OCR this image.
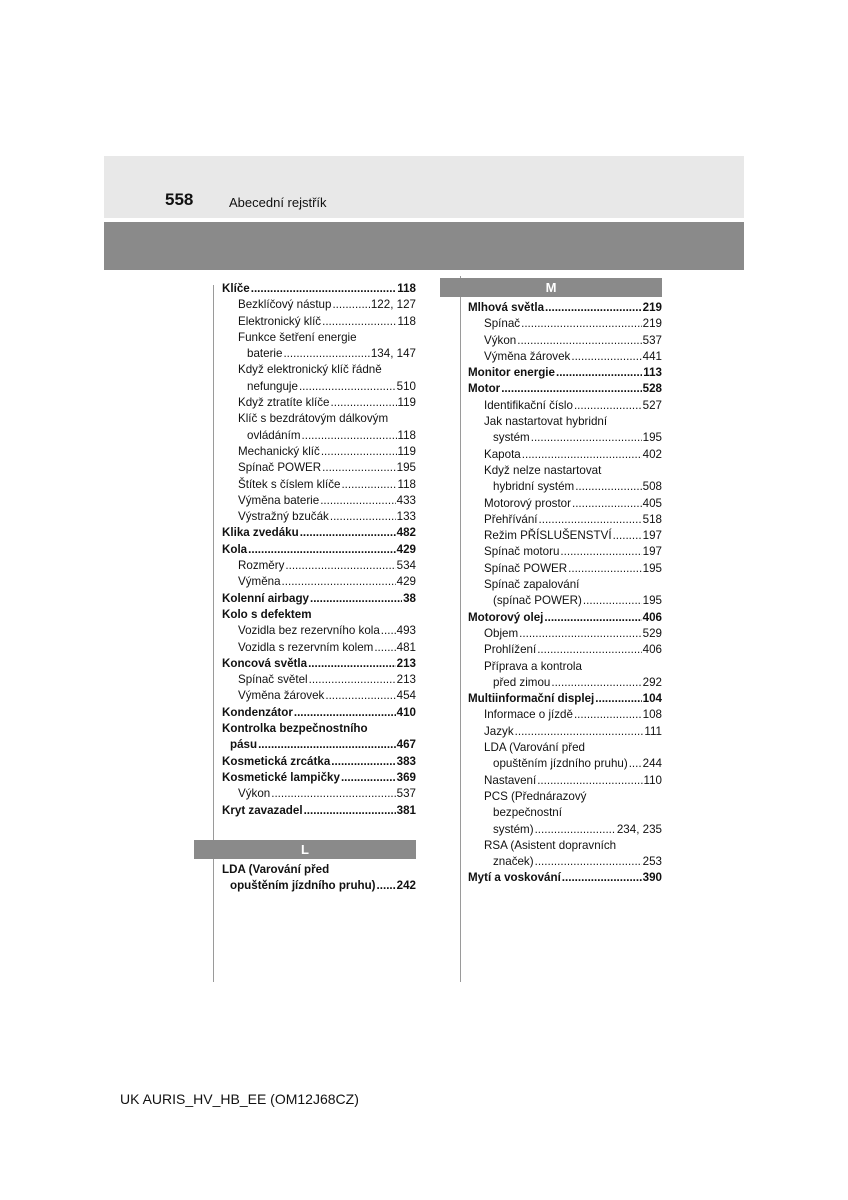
558	Abecední rejstřík
Klíče .....	118
Bezklíčový nástup .....	122, 127
Elektronický klíč .....	118
Funkce šetření energie
baterie .....	134, 147
Když elektronický klíč řádně
nefunguje .....	510
Když ztratíte klíče .....	119
Klíč s bezdrátovým dálkovým
ovládáním .....	118
Mechanický klíč .....	119
Spínač POWER .....	195
Štítek s číslem klíče .....	118
Výměna baterie .....	433
Výstražný bzučák .....	133
Klika zvedáku .....	482
Kola .....	429
Rozměry .....	534
Výměna .....	429
Kolenní airbagy .....	38
Kolo s defektem
Vozidla bez rezervního kola ..... 493
Vozidla s rezervním kolem ..... 481
Koncová světla .....	213
Spínač světel .....	213
Výměna žárovek .....	454
Kondenzátor .....	410
Kontrolka bezpečnostního
pásu .....	467
Kosmetická zrcátka .....	383
Kosmetické lampičky .....	369
Výkon .....	537
Kryt zavazadel .....	381
L
LDA (Varování před
opuštěním jízdního pruhu) ..... 242
M
Mlhová světla .....	219
Spínač .....	219
Výkon .....	537
Výměna žárovek .....	441
Monitor energie .....	113
Motor .....	528
Identifikační číslo .....	527
Jak nastartovat hybridní
systém .....	195
Kapota .....	402
Když nelze nastartovat
hybridní systém .....	508
Motorový prostor .....	405
Přehřívání .....	518
Režim PŘÍSLUŠENSTVÍ .....	197
Spínač motoru .....	197
Spínač POWER .....	195
Spínač zapalování
(spínač POWER) .....	195
Motorový olej .....	406
Objem .....	529
Prohlížení .....	406
Příprava a kontrola
před zimou .....	292
Multiinformační displej .....	104
Informace o jízdě .....	108
Jazyk .....	111
LDA (Varování před
opuštěním jízdního pruhu) ..... 244
Nastavení .....	110
PCS (Přednárazový
bezpečnostní
systém) .....	234, 235
RSA (Asistent dopravních
značek) .....	253
Mytí a voskování .....	390
UK AURIS_HV_HB_EE (OM12J68CZ)
